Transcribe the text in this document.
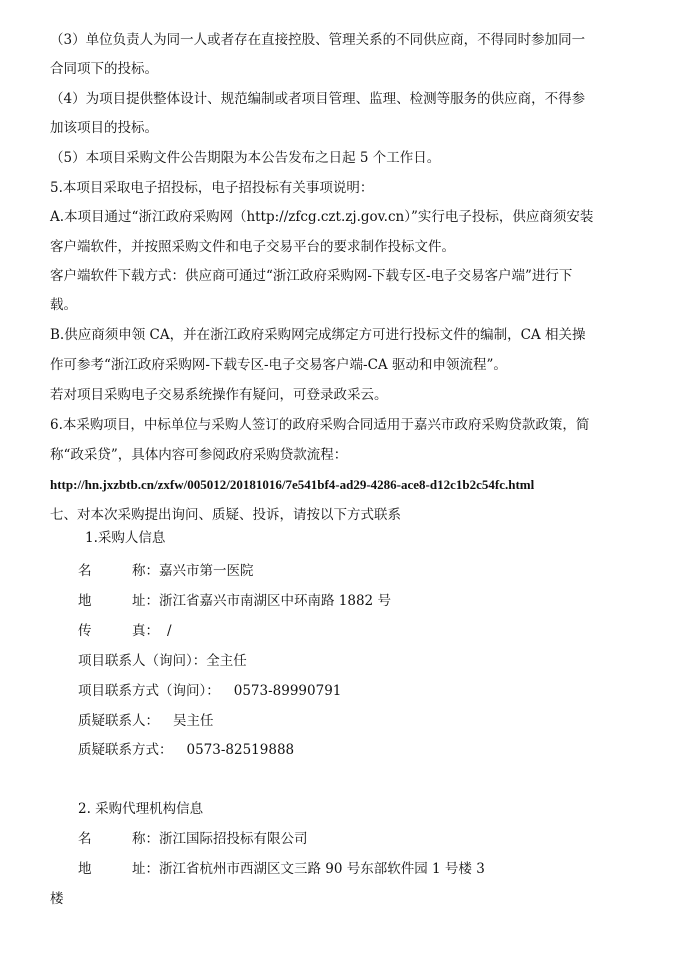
（3）单位负责人为同一人或者存在直接控股、管理关系的不同供应商，不得同时参加同一
合同项下的投标。
（4）为项目提供整体设计、规范编制或者项目管理、监理、检测等服务的供应商，不得参
加该项目的投标。
（5）本项目采购文件公告期限为本公告发布之日起 5 个工作日。
5.本项目采取电子招投标，电子招投标有关事项说明：
A.本项目通过“浙江政府采购网（http://zfcg.czt.zj.gov.cn）”实行电子投标，供应商须安装
客户端软件，并按照采购文件和电子交易平台的要求制作投标文件。
客户端软件下载方式：供应商可通过“浙江政府采购网-下载专区-电子交易客户端”进行下
载。
B.供应商须申领 CA，并在浙江政府采购网完成绑定方可进行投标文件的编制，CA 相关操
作可参考“浙江政府采购网-下载专区-电子交易客户端-CA 驱动和申领流程”。
若对项目采购电子交易系统操作有疑问，可登录政采云。
6.本采购项目，中标单位与采购人签订的政府采购合同适用于嘉兴市政府采购贷款政策，简
称“政采贷”，具体内容可参阅政府采购贷款流程：
http://hn.jxzbtb.cn/zxfw/005012/20181016/7e541bf4-ad29-4286-ace8-d12c1b2c54fc.html
七、对本次采购提出询问、质疑、投诉，请按以下方式联系
1.采购人信息
名　　　称：嘉兴市第一医院
地　　　址：浙江省嘉兴市南湖区中环南路 1882 号
传　　　真： /
项目联系人（询问）：全主任
项目联系方式（询问）： 0573-89990791
质疑联系人： 吴主任
质疑联系方式： 0573-82519888
2. 采购代理机构信息
名　　　称：浙江国际招投标有限公司
地　　　址：浙江省杭州市西湖区文三路 90 号东部软件园 1 号楼 3
楼
